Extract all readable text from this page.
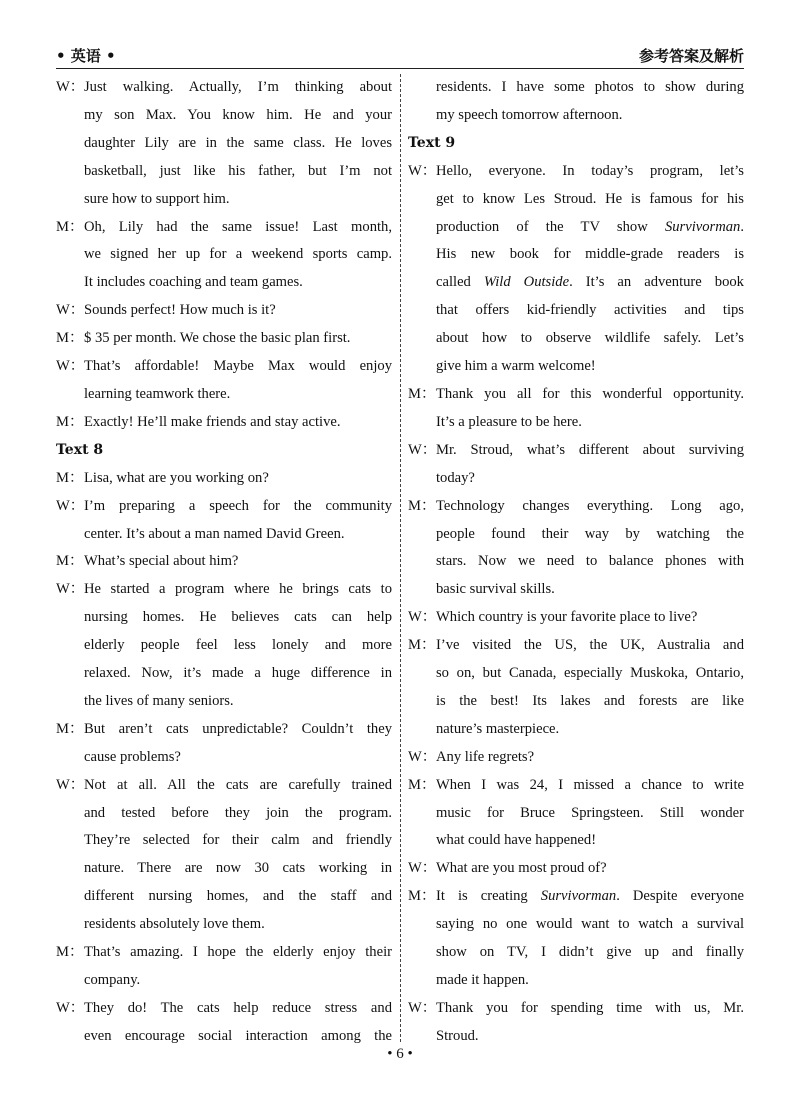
• 英语 •	参考答案及解析
W： Just walking. Actually, I’m thinking about
my son Max. You know him. He and your
daughter Lily are in the same class. He loves
basketball, just like his father, but I’m not
sure how to support him.
M： Oh, Lily had the same issue! Last month,
we signed her up for a weekend sports camp.
It includes coaching and team games.
W： Sounds perfect! How much is it?
M： $ 35 per month. We chose the basic plan first.
W： That’s affordable! Maybe Max would enjoy
learning teamwork there.
M： Exactly! He’ll make friends and stay active.
Text 8
M： Lisa, what are you working on?
W： I’m preparing a speech for the community
center. It’s about a man named David Green.
M： What’s special about him?
W： He started a program where he brings cats to
nursing homes. He believes cats can help
elderly people feel less lonely and more
relaxed. Now, it’s made a huge difference in
the lives of many seniors.
M： But aren’t cats unpredictable? Couldn’t they
cause problems?
W： Not at all. All the cats are carefully trained
and tested before they join the program.
They’re selected for their calm and friendly
nature. There are now 30 cats working in
different nursing homes, and the staff and
residents absolutely love them.
M： That’s amazing. I hope the elderly enjoy their
company.
W： They do! The cats help reduce stress and
even encourage social interaction among the
residents. I have some photos to show during
my speech tomorrow afternoon.
Text 9
W： Hello, everyone. In today’s program, let’s
get to know Les Stroud. He is famous for his
production of the TV show Survivorman.
His new book for middle-grade readers is
called Wild Outside. It’s an adventure book
that offers kid-friendly activities and tips
about how to observe wildlife safely. Let’s
give him a warm welcome!
M： Thank you all for this wonderful opportunity.
It’s a pleasure to be here.
W： Mr. Stroud, what’s different about surviving
today?
M： Technology changes everything. Long ago,
people found their way by watching the
stars. Now we need to balance phones with
basic survival skills.
W： Which country is your favorite place to live?
M： I’ve visited the US, the UK, Australia and
so on, but Canada, especially Muskoka, Ontario,
is the best! Its lakes and forests are like
nature’s masterpiece.
W： Any life regrets?
M： When I was 24, I missed a chance to write
music for Bruce Springsteen. Still wonder
what could have happened!
W： What are you most proud of?
M： It is creating Survivorman. Despite everyone
saying no one would want to watch a survival
show on TV, I didn’t give up and finally
made it happen.
W： Thank you for spending time with us, Mr.
Stroud.
• 6 •
